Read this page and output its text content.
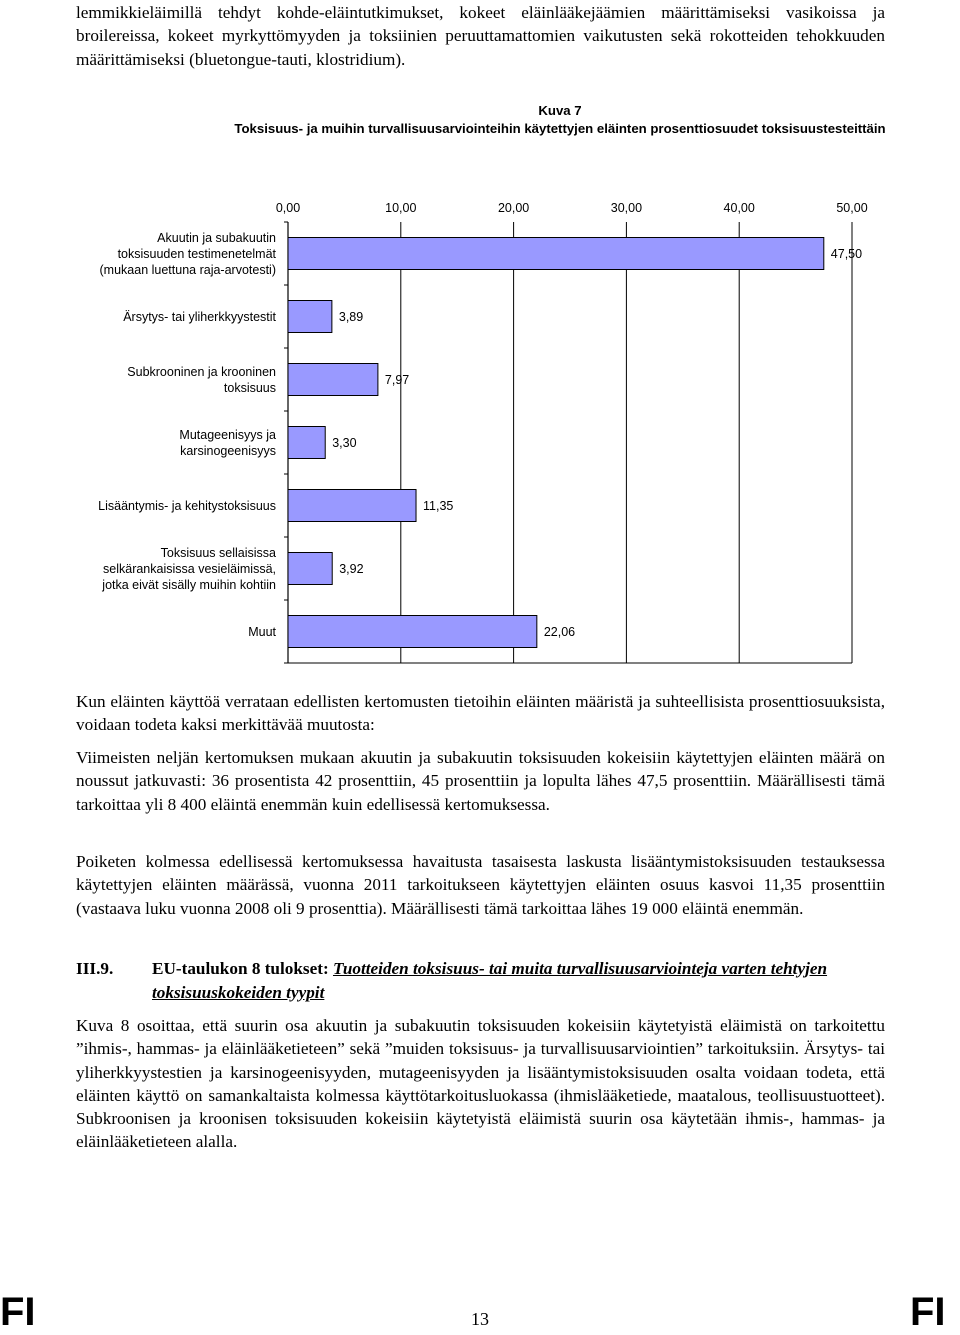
lemmikkieläimillä tehdyt kohde-eläintutkimukset, kokeet eläinlääkejäämien määrittämiseksi vasikoissa ja broilereissa, kokeet myrkyttömyyden ja toksiinien peruuttamattomien vaikutusten sekä rokotteiden tehokkuuden määrittämiseksi (bluetongue-tauti, klostridium).

Kuva 7
Toksisuus- ja muihin turvallisuusarviointeihin käytettyjen eläinten prosenttiosuudet toksisuustesteittäin
0,00	10,00	20,00	30,00	40,00	50,00
47,50
Akuutin ja subakuutin toksisuuden testimenetelmät (mukaan luettuna raja-arvotesti)
3,89
Ärsytys- tai yliherkkyystestit
7,97
Subkrooninen ja krooninen toksisuus
3,30
Mutageenisyys ja karsinogeenisyys
11,35
Lisääntymis- ja kehitystoksisuus
3,92
Toksisuus sellaisissa selkärankaisissa vesieläimissä, jotka eivät sisälly muihin kohtiin
22,06
Muut

Kun eläinten käyttöä verrataan edellisten kertomusten tietoihin eläinten määristä ja suhteellisista prosenttiosuuksista, voidaan todeta kaksi merkittävää muutosta:

Viimeisten neljän kertomuksen mukaan akuutin ja subakuutin toksisuuden kokeisiin käytettyjen eläinten määrä on noussut jatkuvasti: 36 prosentista 42 prosenttiin, 45 prosenttiin ja lopulta lähes 47,5 prosenttiin. Määrällisesti tämä tarkoittaa yli 8 400 eläintä enemmän kuin edellisessä kertomuksessa.

Poiketen kolmessa edellisessä kertomuksessa havaitusta tasaisesta laskusta lisääntymistoksisuuden testauksessa käytettyjen eläinten määrässä, vuonna 2011 tarkoitukseen käytettyjen eläinten osuus kasvoi 11,35 prosenttiin (vastaava luku vuonna 2008 oli 9 prosenttia). Määrällisesti tämä tarkoittaa lähes 19 000 eläintä enemmän.

III.9. EU-taulukon 8 tulokset: Tuotteiden toksisuus- tai muita turvallisuusarviointeja varten tehtyjen toksisuuskokeiden tyypit

Kuva 8 osoittaa, että suurin osa akuutin ja subakuutin toksisuuden kokeisiin käytetyistä eläimistä on tarkoitettu ”ihmis-, hammas- ja eläinlääketieteen” sekä ”muiden toksisuus- ja turvallisuusarviointien” tarkoituksiin. Ärsytys- tai yliherkkyystestien ja karsinogeenisyyden, mutageenisyyden ja lisääntymistoksisuuden osalta voidaan todeta, että eläinten käyttö on samankaltaista kolmessa käyttötarkoitusluokassa (ihmislääketiede, maatalous, teollisuustuotteet). Subkroonisen ja kroonisen toksisuuden kokeisiin käytetyistä eläimistä suurin osa käytetään ihmis-, hammas- ja eläinlääketieteen alalla.

FI	13	FI
